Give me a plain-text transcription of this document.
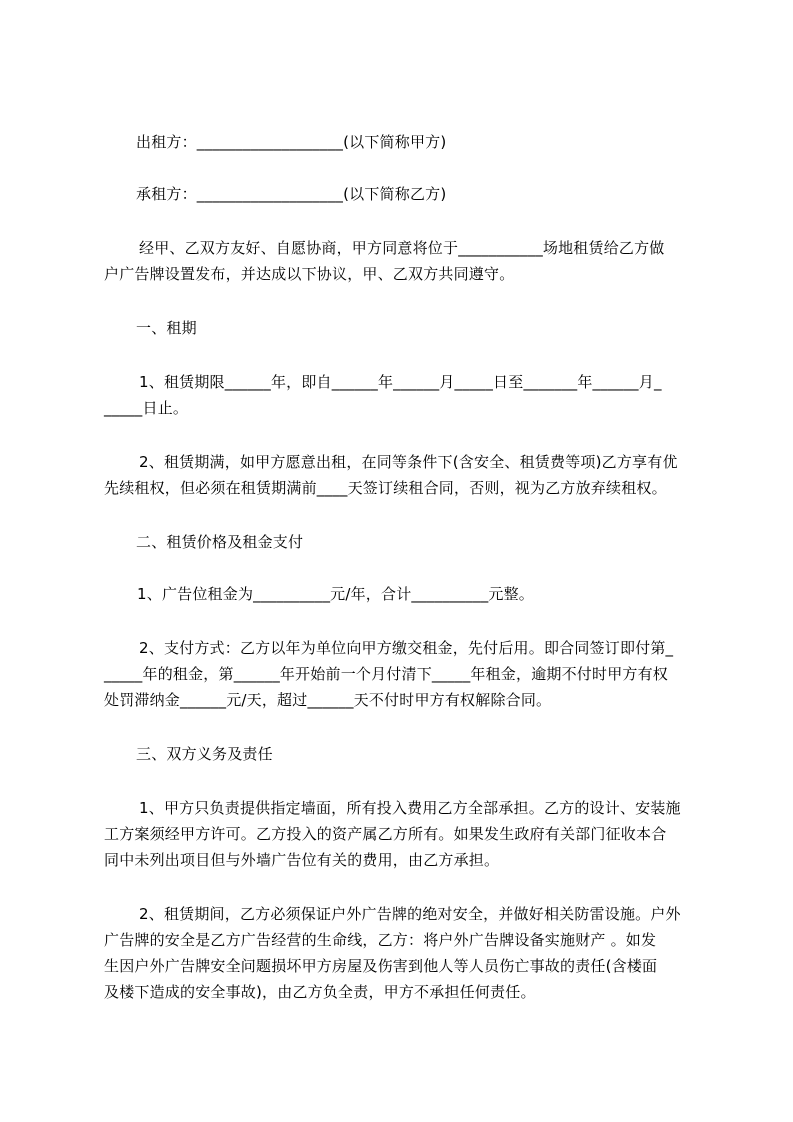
出租方：___________________(以下简称甲方)
承租方：___________________(以下简称乙方)
经甲、乙双方友好、自愿协商，甲方同意将位于___________场地租赁给乙方做
户广告牌设置发布，并达成以下协议，甲、乙双方共同遵守。
一、租期
1、租赁期限______年，即自______年______月_____日至_______年______月_
_____日止。
2、租赁期满，如甲方愿意出租，在同等条件下(含安全、租赁费等项)乙方享有优
先续租权，但必须在租赁期满前____天签订续租合同，否则，视为乙方放弃续租权。
二、租赁价格及租金支付
1、广告位租金为__________元/年，合计__________元整。
2、支付方式：乙方以年为单位向甲方缴交租金，先付后用。即合同签订即付第_
_____年的租金，第______年开始前一个月付清下_____年租金，逾期不付时甲方有权
处罚滞纳金______元/天，超过______天不付时甲方有权解除合同。
三、双方义务及责任
1、甲方只负责提供指定墙面，所有投入费用乙方全部承担。乙方的设计、安装施
工方案须经甲方许可。乙方投入的资产属乙方所有。如果发生政府有关部门征收本合
同中未列出项目但与外墙广告位有关的费用，由乙方承担。
2、租赁期间，乙方必须保证户外广告牌的绝对安全，并做好相关防雷设施。户外
广告牌的安全是乙方广告经营的生命线，乙方：将户外广告牌设备实施财产 。如发
生因户外广告牌安全问题损坏甲方房屋及伤害到他人等人员伤亡事故的责任(含楼面
及楼下造成的安全事故)，由乙方负全责，甲方不承担任何责任。
